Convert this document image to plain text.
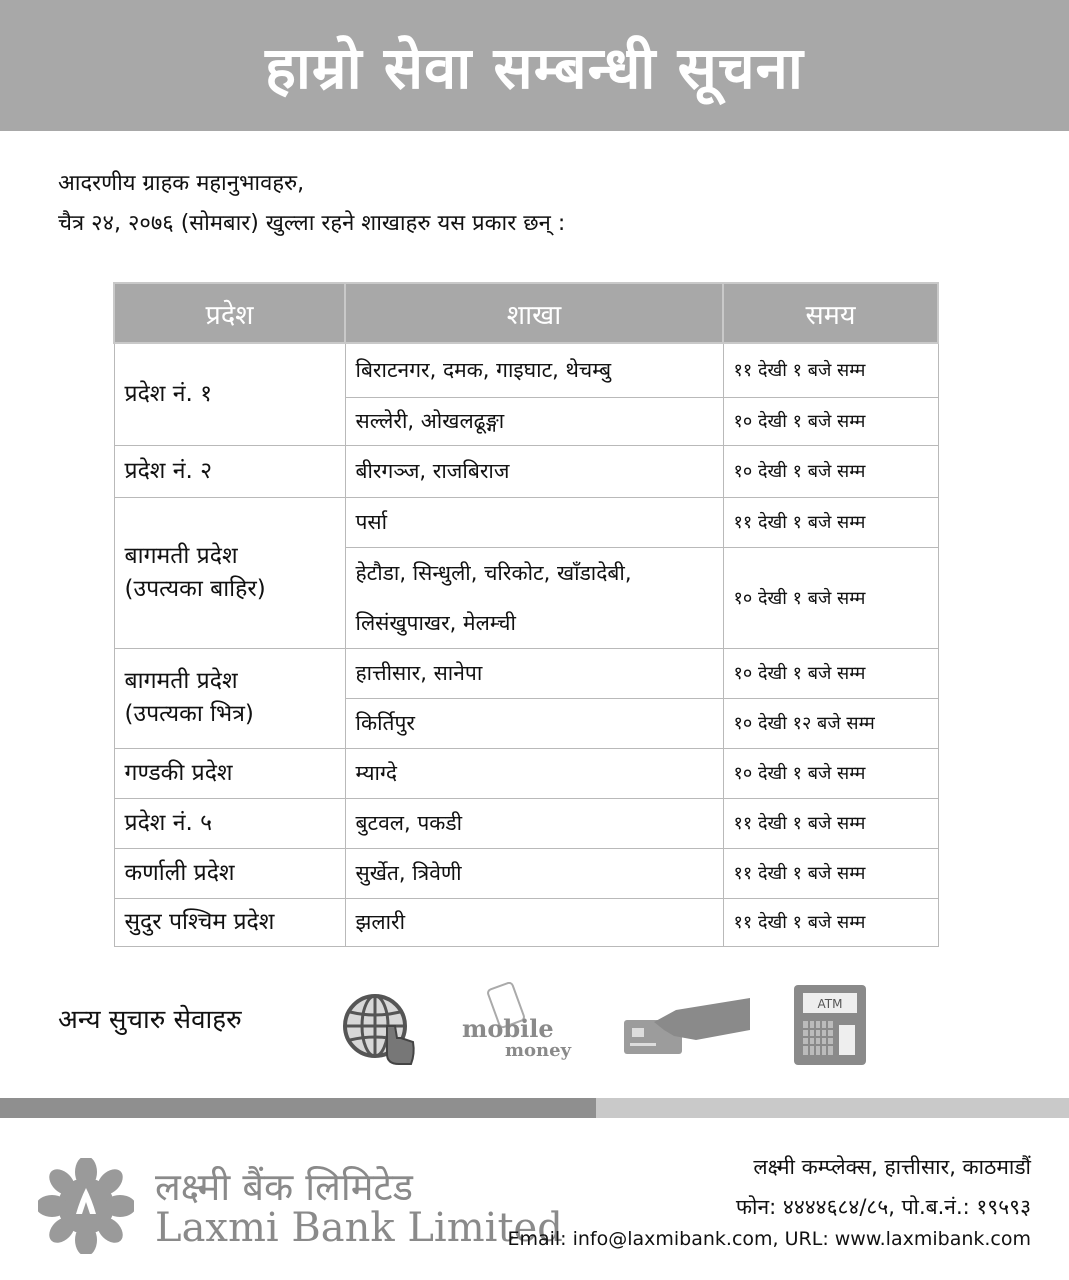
हाम्रो सेवा सम्बन्धी सूचना
आदरणीय ग्राहक महानुभावहरु,
चैत्र २४, २०७६ (सोमबार) खुल्ला रहने शाखाहरु यस प्रकार छन् :
प्रदेश	शाखा	समय
प्रदेश नं. १	बिराटनगर, दमक, गाइघाट, थेचम्बु	११ देखी १ बजे सम्म
	सल्लेरी, ओखलढूङ्गा	१० देखी १ बजे सम्म
प्रदेश नं. २	बीरगञ्ज, राजबिराज	१० देखी १ बजे सम्म
बागमती प्रदेश
(उपत्यका बाहिर)	पर्सा	११ देखी १ बजे सम्म
	हेटौडा, सिन्धुली, चरिकोट, खाँडादेबी, लिसंखुपाखर, मेलम्ची	१० देखी १ बजे सम्म
बागमती प्रदेश
(उपत्यका भित्र)	हात्तीसार, सानेपा	१० देखी १ बजे सम्म
	किर्तिपुर	१० देखी १२ बजे सम्म
गण्डकी प्रदेश	म्याग्दे	१० देखी १ बजे सम्म
प्रदेश नं. ५	बुटवल, पकडी	११ देखी १ बजे सम्म
कर्णाली प्रदेश	सुर्खेत, त्रिवेणी	११ देखी १ बजे सम्म
सुदुर पश्चिम प्रदेश	झलारी	११ देखी १ बजे सम्म
अन्य सुचारु सेवाहरु	mobile
money
ATM
लक्ष्मी बैंक लिमिटेड
Laxmi Bank Limited
लक्ष्मी कम्प्लेक्स, हात्तीसार, काठमाडौं
फोन: ४४४४६८४/८५, पो.ब.नं.: १९५९३
Email: info@laxmibank.com, URL: www.laxmibank.com
